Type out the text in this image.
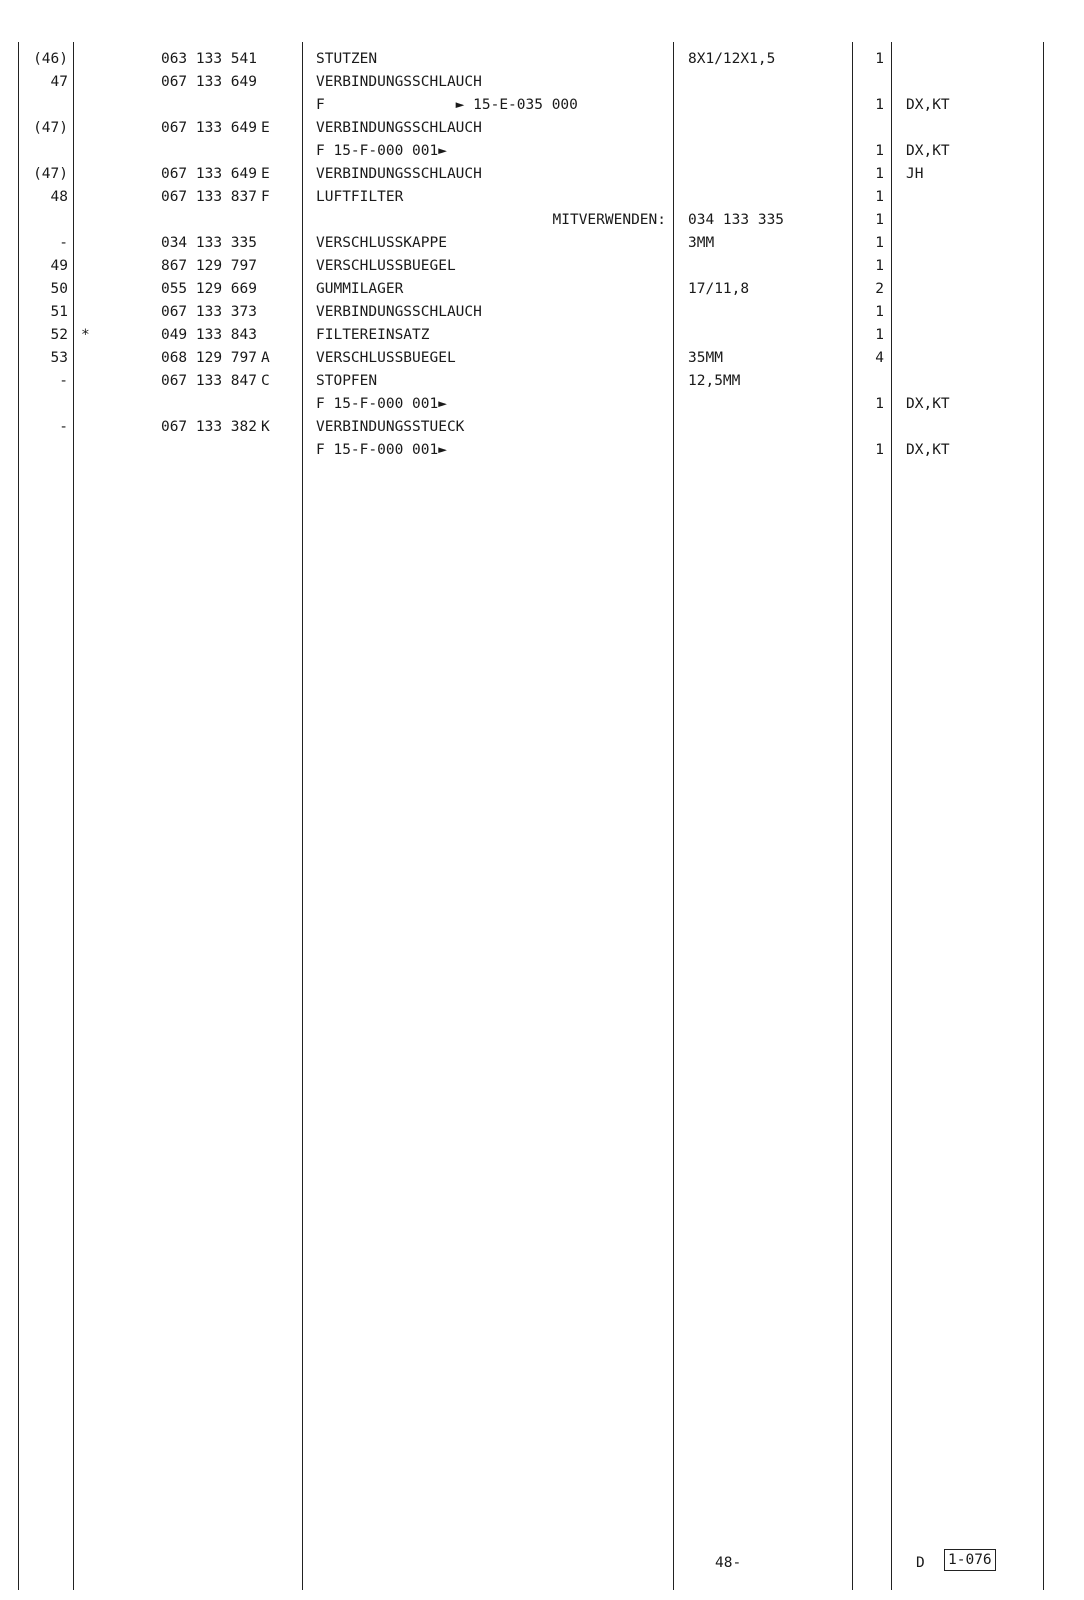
(46)	063 133 541	STUTZEN	8X1/12X1,5	1
47	067 133 649	VERBINDUNGSSCHLAUCH
F               ► 15-E-035 000	1 DX,KT
(47)	067 133 649 E	VERBINDUNGSSCHLAUCH
F 15-F-000 001►	1 DX,KT
(47)	067 133 649 E	VERBINDUNGSSCHLAUCH	1 JH
48	067 133 837 F	LUFTFILTER	1
MITVERWENDEN: 034 133 335	1
-	034 133 335	VERSCHLUSSKAPPE	3MM	1
49	867 129 797	VERSCHLUSSBUEGEL	1
50	055 129 669	GUMMILAGER	17/11,8	2
51	067 133 373	VERBINDUNGSSCHLAUCH	1
52 *	049 133 843	FILTEREINSATZ	1
53	068 129 797 A	VERSCHLUSSBUEGEL	35MM	4
-	067 133 847 C	STOPFEN	12,5MM
F 15-F-000 001►	1 DX,KT
-	067 133 382 K	VERBINDUNGSSTUECK
F 15-F-000 001►	1 DX,KT
48-	D 1-076
